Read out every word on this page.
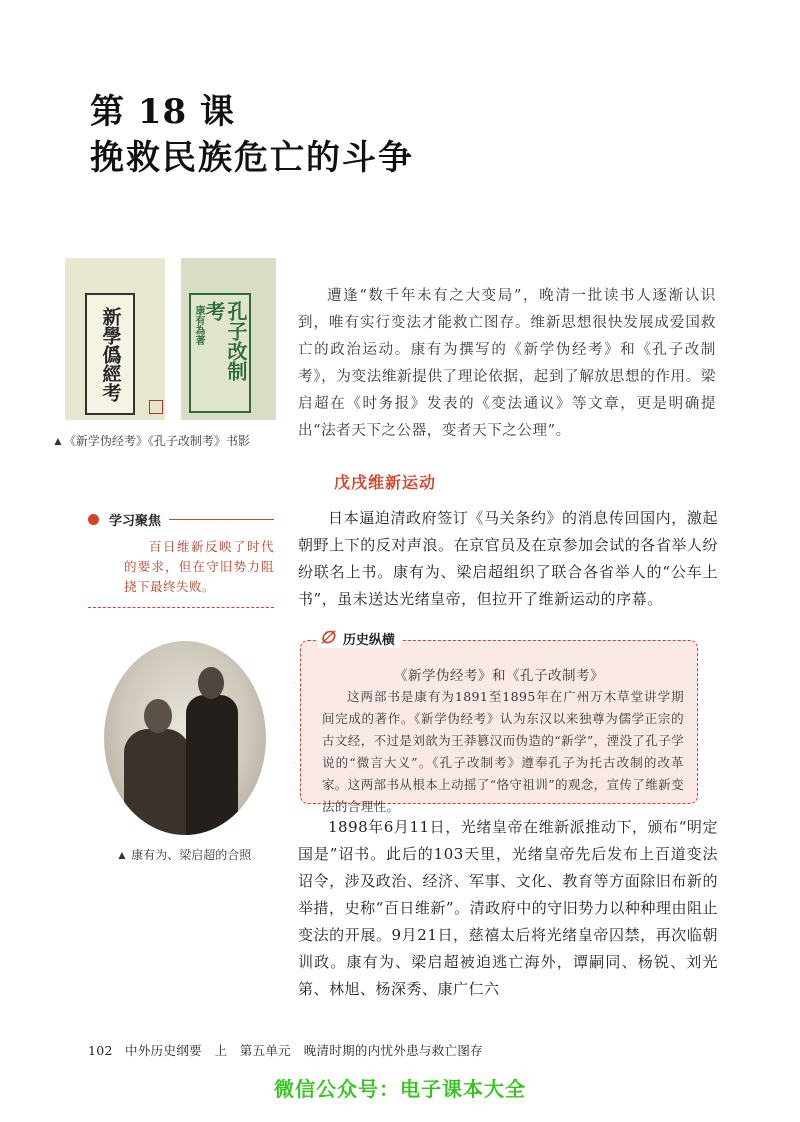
第 18 课
挽救民族危亡的斗争
新學僞經考	孔子改制
考
康有為著
▲《新学伪经考》《孔子改制考》书影
遭逢“数千年未有之大变局”，晚清一批读书人逐渐认识到，唯有实行变法才能救亡图存。维新思想很快发展成爱国救亡的政治运动。康有为撰写的《新学伪经考》和《孔子改制考》，为变法维新提供了理论依据，起到了解放思想的作用。梁启超在《时务报》发表的《变法通议》等文章，更是明确提出“法者天下之公器，变者天下之公理”。
戊戌维新运动
学习聚焦
百日维新反映了时代的要求，但在守旧势力阻挠下最终失败。
日本逼迫清政府签订《马关条约》的消息传回国内，激起朝野上下的反对声浪。在京官员及在京参加会试的各省举人纷纷联名上书。康有为、梁启超组织了联合各省举人的“公车上书”，虽未送达光绪皇帝，但拉开了维新运动的序幕。
∅ 历史纵横
《新学伪经考》和《孔子改制考》
这两部书是康有为1891至1895年在广州万木草堂讲学期间完成的著作。《新学伪经考》认为东汉以来独尊为儒学正宗的古文经，不过是刘歆为王莽篡汉而伪造的“新学”，湮没了孔子学说的“微言大义”。《孔子改制考》遵奉孔子为托古改制的改革家。这两部书从根本上动摇了“恪守祖训”的观念，宣传了维新变法的合理性。
▲ 康有为、梁启超的合照
1898年6月11日，光绪皇帝在维新派推动下，颁布“明定国是”诏书。此后的103天里，光绪皇帝先后发布上百道变法诏令，涉及政治、经济、军事、文化、教育等方面除旧布新的举措，史称“百日维新”。清政府中的守旧势力以种种理由阻止变法的开展。9月21日，慈禧太后将光绪皇帝囚禁，再次临朝训政。康有为、梁启超被迫逃亡海外，谭嗣同、杨锐、刘光第、林旭、杨深秀、康广仁六
102 中外历史纲要　上 第五单元　晚清时期的内忧外患与救亡图存
微信公众号：电子课本大全
